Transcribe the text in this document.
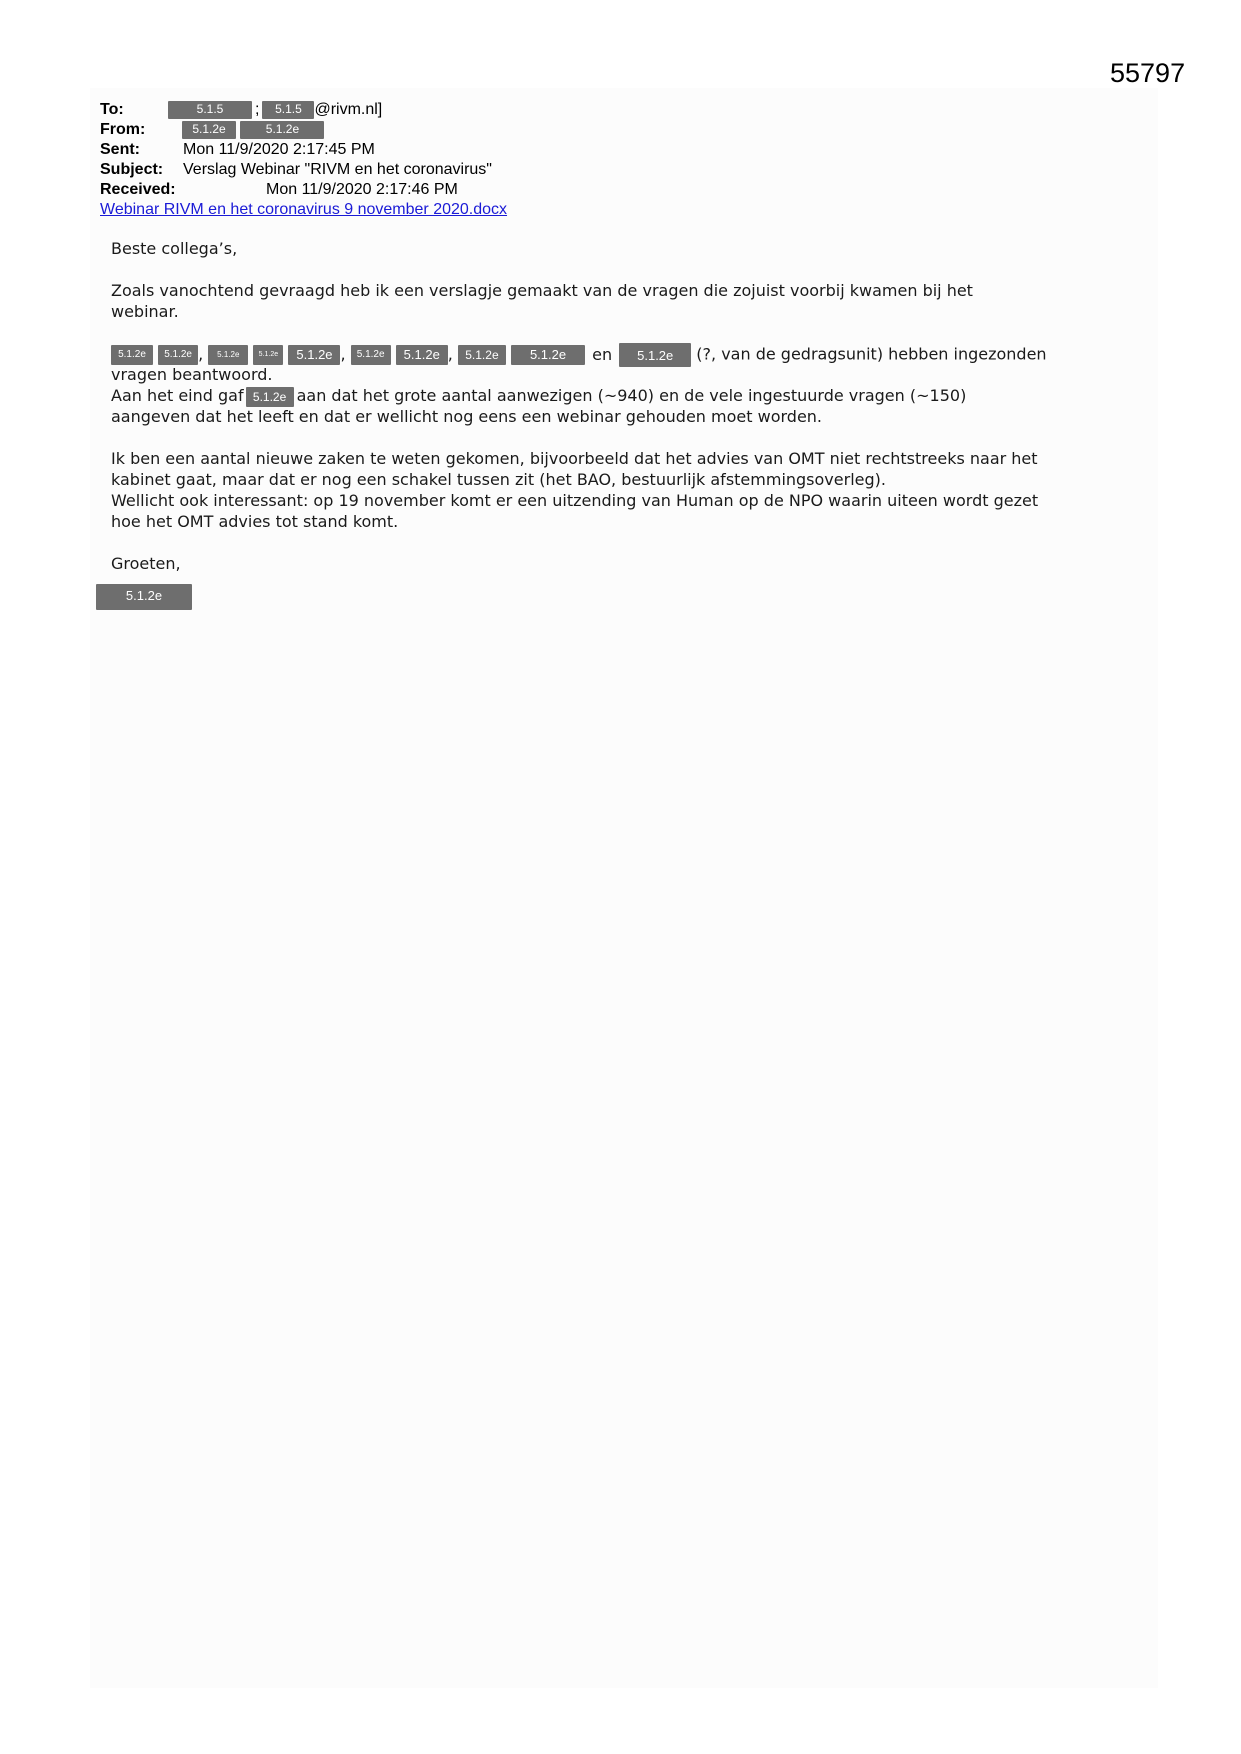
55797
To:	5.1.5 ; 5.1.5 @rivm.nl]
From:	5.1.2e	5.1.2e
Sent:	Mon 11/9/2020 2:17:45 PM
Subject: Verslag Webinar "RIVM en het coronavirus"
Received:	Mon 11/9/2020 2:17:46 PM
Webinar RIVM en het coronavirus 9 november 2020.docx

Beste collega’s,

Zoals vanochtend gevraagd heb ik een verslagje gemaakt van de vragen die zojuist voorbij kwamen bij het
webinar.
5.1.2e 5.1.2e , 5.1.2e	5.1.2e 5.1.2e , 5.1.2e 5.1.2e , 5.1.2e 5.1.2e en 5.1.2e (?, van de gedragsunit) hebben ingezonden
vragen beantwoord.
Aan het eind gaf 5.1.2e aan dat het grote aantal aanwezigen (~940) en de vele ingestuurde vragen (~150)
aangeven dat het leeft en dat er wellicht nog eens een webinar gehouden moet worden.
Ik ben een aantal nieuwe zaken te weten gekomen, bijvoorbeeld dat het advies van OMT niet rechtstreeks naar het
kabinet gaat, maar dat er nog een schakel tussen zit (het BAO, bestuurlijk afstemmingsoverleg).
Wellicht ook interessant: op 19 november komt er een uitzending van Human op de NPO waarin uiteen wordt gezet
hoe het OMT advies tot stand komt.

Groeten,

5.1.2e
